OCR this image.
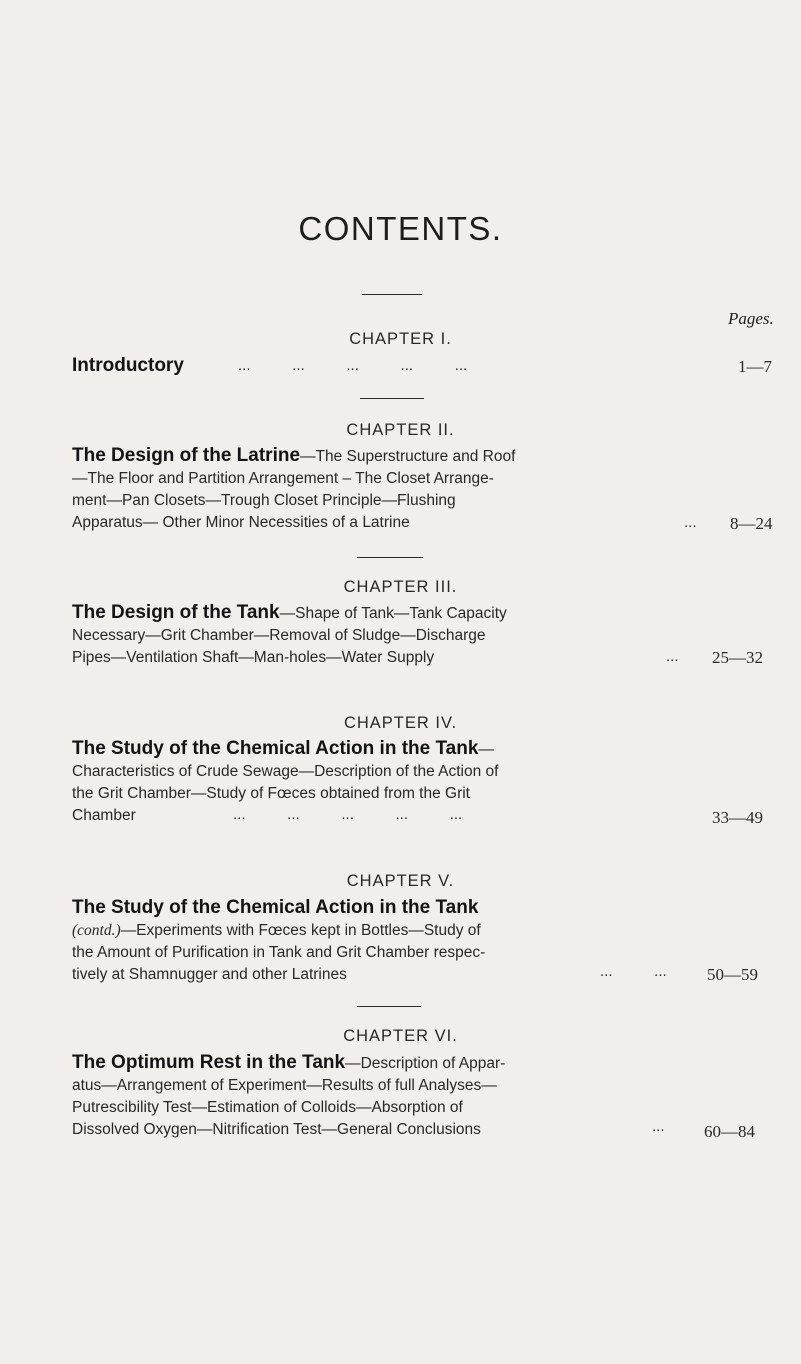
CONTENTS.
Pages.
CHAPTER I.
Introductory	...          ...          ...          ...          ...	1—7
CHAPTER II.
The Design of the Latrine—The Superstructure and Roof
—The Floor and Partition Arrangement – The Closet Arrange-
ment—Pan Closets—Trough Closet Principle—Flushing
Apparatus— Other Minor Necessities of a Latrine	... 8—24
CHAPTER III.
The Design of the Tank—Shape of Tank—Tank Capacity
Necessary—Grit Chamber—Removal of Sludge—Discharge
Pipes—Ventilation Shaft—Man-holes—Water Supply	... 25—32
CHAPTER IV.
The Study of the Chemical Action in the Tank—
Characteristics of Crude Sewage—Description of the Action of
the Grit Chamber—Study of Fœces obtained from the Grit
Chamber	...          ...          ...          ...          ...	33—49
CHAPTER V.
The Study of the Chemical Action in the Tank
(contd.)—Experiments with Fœces kept in Bottles—Study of
the Amount of Purification in Tank and Grit Chamber respec-
tively at Shamnugger and other Latrines	...          ... 50—59
CHAPTER VI.
The Optimum Rest in the Tank—Description of Appar-
atus—Arrangement of Experiment—Results of full Analyses—
Putrescibility Test—Estimation of Colloids—Absorption of
Dissolved Oxygen—Nitrification Test—General Conclusions	... 60—84
